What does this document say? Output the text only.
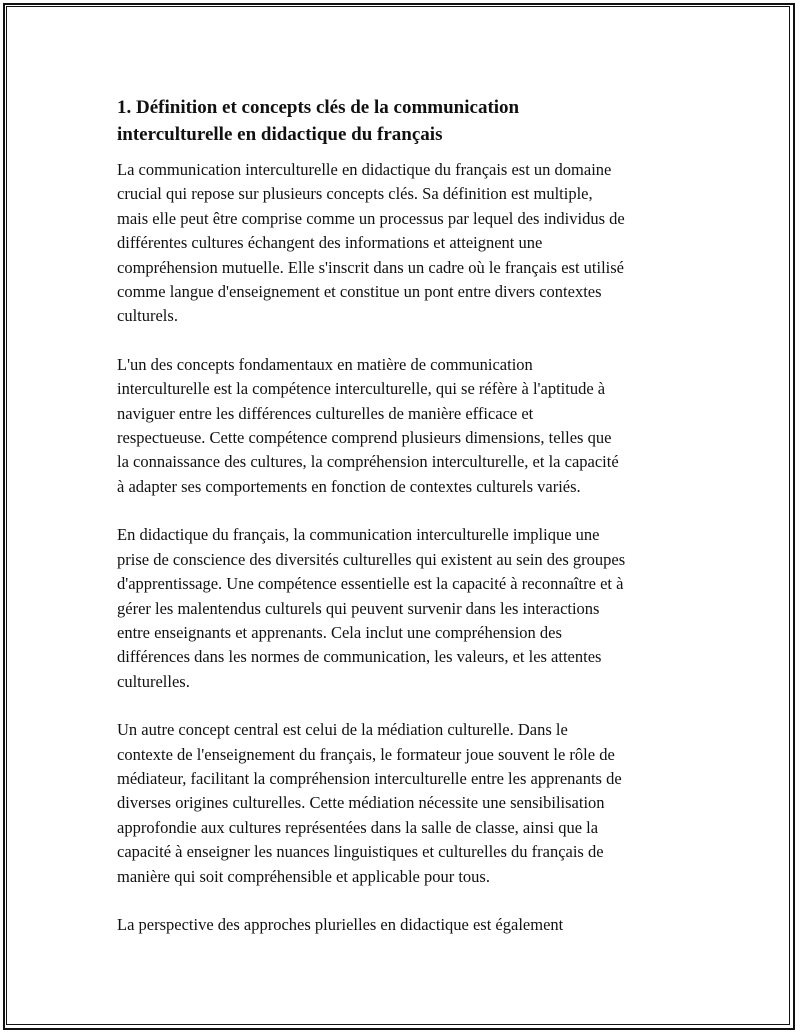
1. Définition et concepts clés de la communication
interculturelle en didactique du français

La communication interculturelle en didactique du français est un domaine
crucial qui repose sur plusieurs concepts clés. Sa définition est multiple,
mais elle peut être comprise comme un processus par lequel des individus de
différentes cultures échangent des informations et atteignent une
compréhension mutuelle. Elle s'inscrit dans un cadre où le français est utilisé
comme langue d'enseignement et constitue un pont entre divers contextes
culturels.

L'un des concepts fondamentaux en matière de communication
interculturelle est la compétence interculturelle, qui se réfère à l'aptitude à
naviguer entre les différences culturelles de manière efficace et
respectueuse. Cette compétence comprend plusieurs dimensions, telles que
la connaissance des cultures, la compréhension interculturelle, et la capacité
à adapter ses comportements en fonction de contextes culturels variés.

En didactique du français, la communication interculturelle implique une
prise de conscience des diversités culturelles qui existent au sein des groupes
d'apprentissage. Une compétence essentielle est la capacité à reconnaître et à
gérer les malentendus culturels qui peuvent survenir dans les interactions
entre enseignants et apprenants. Cela inclut une compréhension des
différences dans les normes de communication, les valeurs, et les attentes
culturelles.

Un autre concept central est celui de la médiation culturelle. Dans le
contexte de l'enseignement du français, le formateur joue souvent le rôle de
médiateur, facilitant la compréhension interculturelle entre les apprenants de
diverses origines culturelles. Cette médiation nécessite une sensibilisation
approfondie aux cultures représentées dans la salle de classe, ainsi que la
capacité à enseigner les nuances linguistiques et culturelles du français de
manière qui soit compréhensible et applicable pour tous.

La perspective des approches plurielles en didactique est également
